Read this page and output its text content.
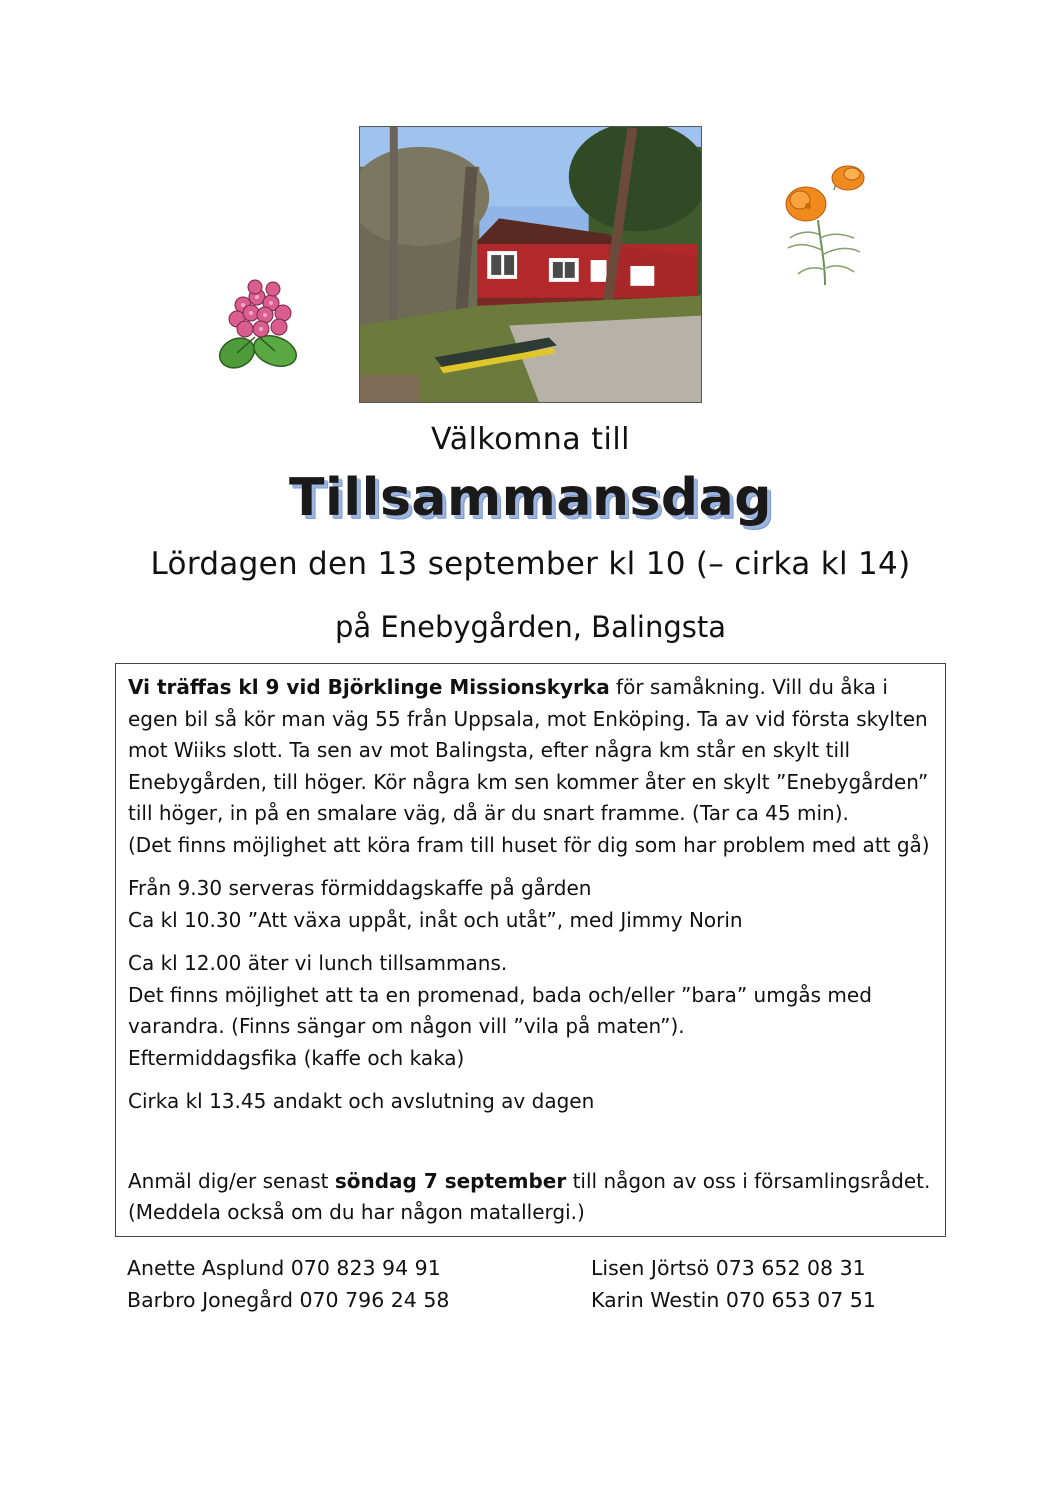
Välkomna till
Tillsammansdag
Lördagen den 13 september kl 10 (– cirka kl 14)
på Enebygården, Balingsta

Vi träffas kl 9 vid Björklinge Missionskyrka för samåkning. Vill du åka i egen bil så kör man väg 55 från Uppsala, mot Enköping. Ta av vid första skylten mot Wiiks slott. Ta sen av mot Balingsta, efter några km står en skylt till Enebygården, till höger. Kör några km sen kommer åter en skylt ”Enebygården” till höger, in på en smalare väg, då är du snart framme. (Tar ca 45 min).
(Det finns möjlighet att köra fram till huset för dig som har problem med att gå)

Från 9.30 serveras förmiddagskaffe på gården
Ca kl 10.30 ”Att växa uppåt, inåt och utåt”, med Jimmy Norin

Ca kl 12.00 äter vi lunch tillsammans.
Det finns möjlighet att ta en promenad, bada och/eller ”bara” umgås med varandra. (Finns sängar om någon vill ”vila på maten”).
Eftermiddagsfika (kaffe och kaka)

Cirka kl 13.45 andakt och avslutning av dagen

Anmäl dig/er senast söndag 7 september till någon av oss i församlingsrådet.
(Meddela också om du har någon matallergi.)

Anette Asplund 070 823 94 91	Lisen Jörtsö 073 652 08 31
Barbro Jonegård 070 796 24 58	Karin Westin 070 653 07 51
